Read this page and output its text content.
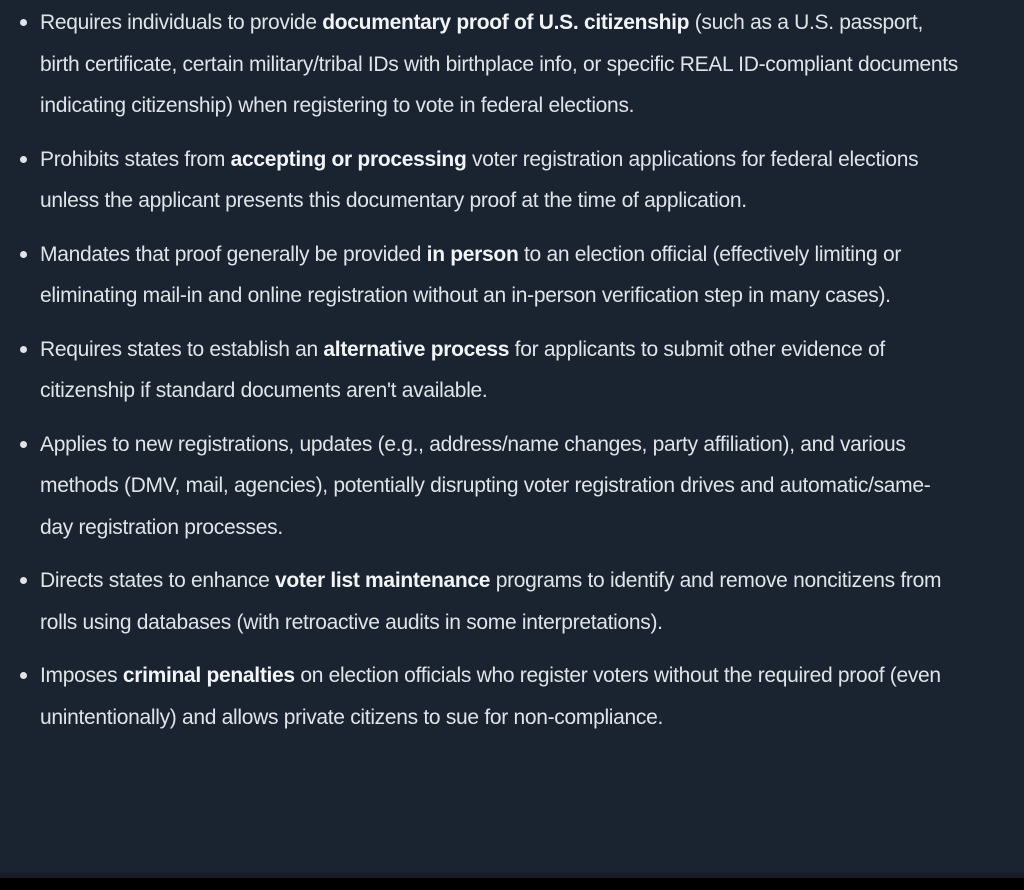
Requires individuals to provide documentary proof of U.S. citizenship (such as a U.S. passport, birth certificate, certain military/tribal IDs with birthplace info, or specific REAL ID-compliant documents indicating citizenship) when registering to vote in federal elections.
Prohibits states from accepting or processing voter registration applications for federal elections unless the applicant presents this documentary proof at the time of application.
Mandates that proof generally be provided in person to an election official (effectively limiting or eliminating mail-in and online registration without an in-person verification step in many cases).
Requires states to establish an alternative process for applicants to submit other evidence of citizenship if standard documents aren't available.
Applies to new registrations, updates (e.g., address/name changes, party affiliation), and various methods (DMV, mail, agencies), potentially disrupting voter registration drives and automatic/same-day registration processes.
Directs states to enhance voter list maintenance programs to identify and remove noncitizens from rolls using databases (with retroactive audits in some interpretations).
Imposes criminal penalties on election officials who register voters without the required proof (even unintentionally) and allows private citizens to sue for non-compliance.
